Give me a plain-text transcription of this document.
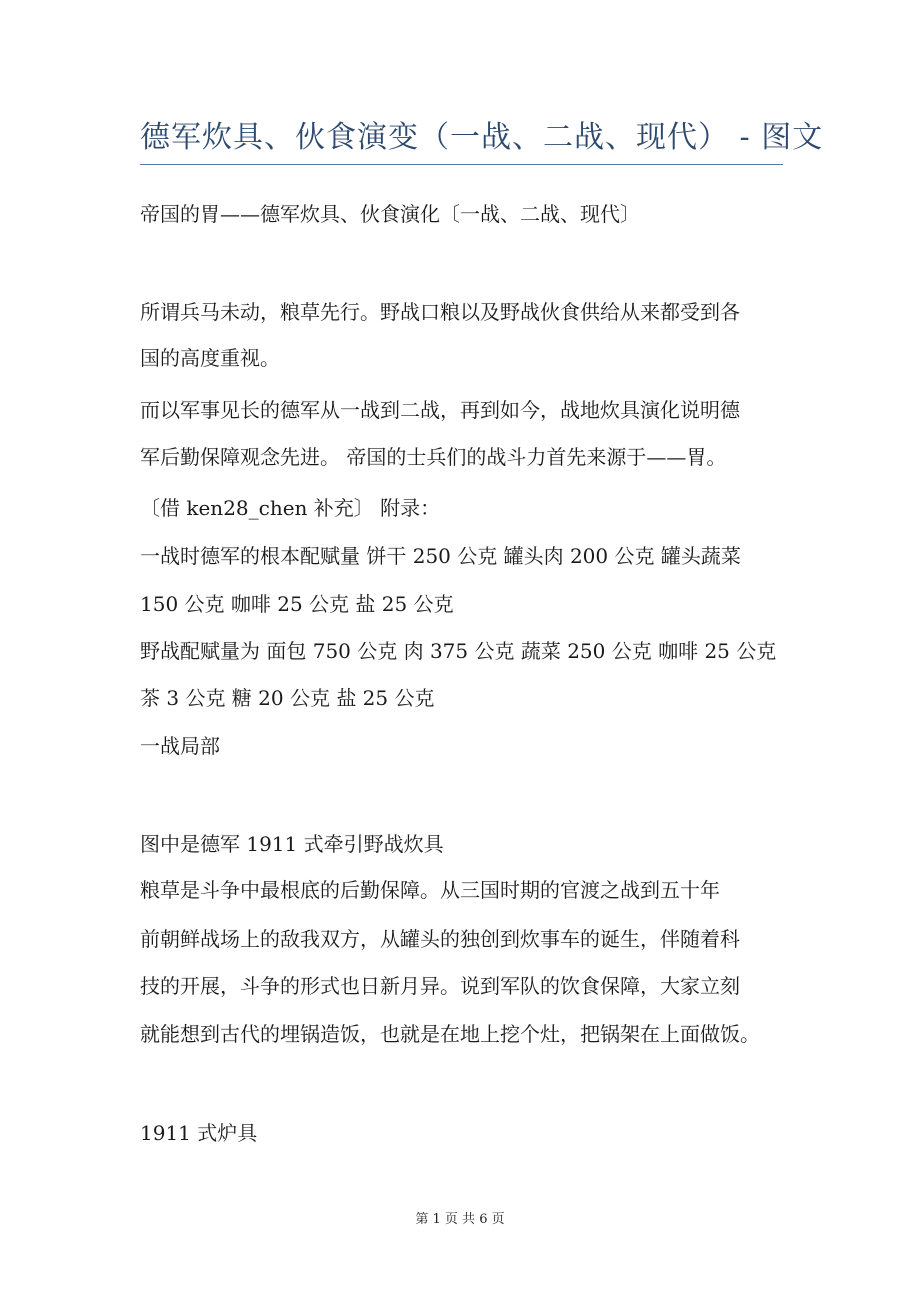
德军炊具、伙食演变（一战、二战、现代） - 图文

帝国的胃——德军炊具、伙食演化〔一战、二战、现代〕

所谓兵马未动，粮草先行。野战口粮以及野战伙食供给从来都受到各

国的高度重视。

而以军事见长的德军从一战到二战，再到如今，战地炊具演化说明德

军后勤保障观念先进。 帝国的士兵们的战斗力首先来源于——胃。

〔借 ken28_chen 补充〕 附录：

一战时德军的根本配赋量 饼干 250 公克 罐头肉 200 公克 罐头蔬菜

150 公克 咖啡 25 公克 盐 25 公克

野战配赋量为 面包 750 公克 肉 375 公克 蔬菜 250 公克 咖啡 25 公克

茶 3 公克 糖 20 公克 盐 25 公克

一战局部

图中是德军 1911 式牵引野战炊具

粮草是斗争中最根底的后勤保障。从三国时期的官渡之战到五十年

前朝鲜战场上的敌我双方，从罐头的独创到炊事车的诞生，伴随着科

技的开展，斗争的形式也日新月异。说到军队的饮食保障，大家立刻

就能想到古代的埋锅造饭，也就是在地上挖个灶，把锅架在上面做饭。

1911 式炉具

第 1 页 共 6 页
